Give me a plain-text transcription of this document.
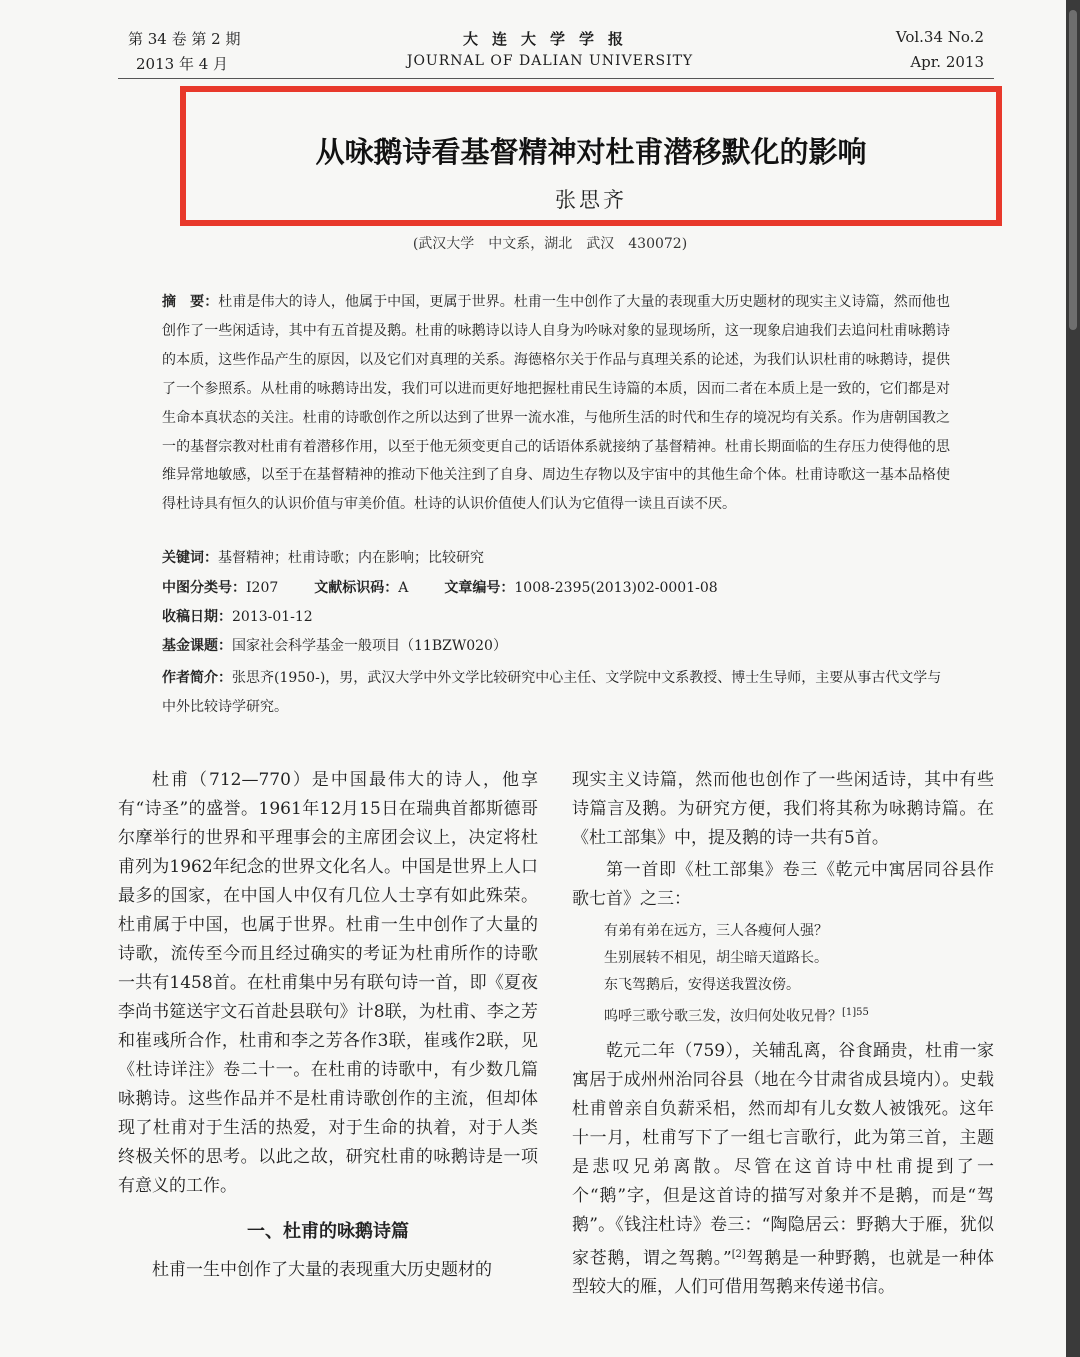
第 34 卷 第 2 期
2013 年 4 月
大连大学学报
JOURNAL OF DALIAN UNIVERSITY
Vol.34 No.2
Apr. 2013
从咏鹅诗看基督精神对杜甫潜移默化的影响
张思齐
(武汉大学　中文系，湖北　武汉　430072)
摘　要：杜甫是伟大的诗人，他属于中国，更属于世界。杜甫一生中创作了大量的表现重大历史题材的现实主义诗篇，然而他也创作了一些闲适诗，其中有五首提及鹅。杜甫的咏鹅诗以诗人自身为吟咏对象的显现场所，这一现象启迪我们去追问杜甫咏鹅诗的本质，这些作品产生的原因，以及它们对真理的关系。海德格尔关于作品与真理关系的论述，为我们认识杜甫的咏鹅诗，提供了一个参照系。从杜甫的咏鹅诗出发，我们可以进而更好地把握杜甫民生诗篇的本质，因而二者在本质上是一致的，它们都是对生命本真状态的关注。杜甫的诗歌创作之所以达到了世界一流水准，与他所生活的时代和生存的境况均有关系。作为唐朝国教之一的基督宗教对杜甫有着潜移作用，以至于他无须变更自己的话语体系就接纳了基督精神。杜甫长期面临的生存压力使得他的思维异常地敏感，以至于在基督精神的推动下他关注到了自身、周边生存物以及宇宙中的其他生命个体。杜甫诗歌这一基本品格使得杜诗具有恒久的认识价值与审美价值。杜诗的认识价值使人们认为它值得一读且百读不厌。
关键词：基督精神；杜甫诗歌；内在影响；比较研究
中图分类号：I207	文献标识码：A	文章编号：1008-2395(2013)02-0001-08
收稿日期：2013-01-12
基金课题：国家社会科学基金一般项目（11BZW020）
作者简介：张思齐(1950-)，男，武汉大学中外文学比较研究中心主任、文学院中文系教授、博士生导师，主要从事古代文学与中外比较诗学研究。

杜甫（712—770）是中国最伟大的诗人，他享有“诗圣”的盛誉。1961年12月15日在瑞典首都斯德哥尔摩举行的世界和平理事会的主席团会议上，决定将杜甫列为1962年纪念的世界文化名人。中国是世界上人口最多的国家，在中国人中仅有几位人士享有如此殊荣。杜甫属于中国，也属于世界。杜甫一生中创作了大量的诗歌，流传至今而且经过确实的考证为杜甫所作的诗歌一共有1458首。在杜甫集中另有联句诗一首，即《夏夜李尚书筵送宇文石首赴县联句》计8联，为杜甫、李之芳和崔彧所合作，杜甫和李之芳各作3联，崔彧作2联，见《杜诗详注》卷二十一。在杜甫的诗歌中，有少数几篇咏鹅诗。这些作品并不是杜甫诗歌创作的主流，但却体现了杜甫对于生活的热爱，对于生命的执着，对于人类终极关怀的思考。以此之故，研究杜甫的咏鹅诗是一项有意义的工作。

一、杜甫的咏鹅诗篇

杜甫一生中创作了大量的表现重大历史题材的

现实主义诗篇，然而他也创作了一些闲适诗，其中有些诗篇言及鹅。为研究方便，我们将其称为咏鹅诗篇。在《杜工部集》中，提及鹅的诗一共有5首。

第一首即《杜工部集》卷三《乾元中寓居同谷县作歌七首》之三：

有弟有弟在远方，三人各瘦何人强？
生别展转不相见，胡尘暗天道路长。
东飞驾鹅后，安得送我置汝傍。
呜呼三歌兮歌三发，汝归何处收兄骨？$^{[1]55}$

乾元二年（759），关辅乱离，谷食踊贵，杜甫一家寓居于成州州治同谷县（地在今甘肃省成县境内）。史载杜甫曾亲自负薪采梠，然而却有儿女数人被饿死。这年十一月，杜甫写下了一组七言歌行，此为第三首，主题是悲叹兄弟离散。尽管在这首诗中杜甫提到了一个“鹅”字，但是这首诗的描写对象并不是鹅，而是“驾鹅”。《钱注杜诗》卷三：“陶隐居云：野鹅大于雁，犹似家苍鹅，谓之驾鹅。”[2]驾鹅是一种野鹅，也就是一种体型较大的雁，人们可借用驾鹅来传递书信。
